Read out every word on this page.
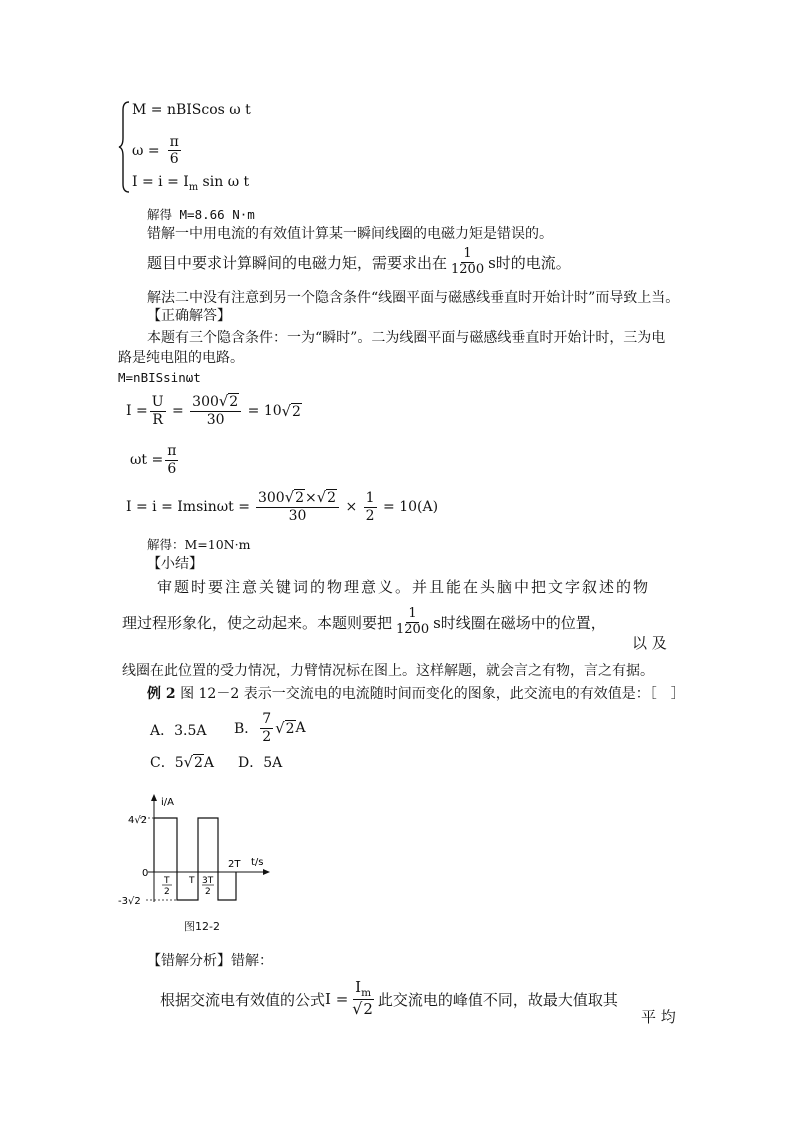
M = nBIScos ω t
$\omega = \frac{\pi}{6}$
$I = i = I_m$ sin ω t
解得 M=8.66 N·m
错解一中用电流的有效值计算某一瞬间线圈的电磁力矩是错误的。
题目中要求计算瞬间的电磁力矩，需要求出在 $\frac{1}{1200}$ s时的电流。
解法二中没有注意到另一个隐含条件“线圈平面与磁感线垂直时开始计时”而导致上当。
【正确解答】
本题有三个隐含条件：一为“瞬时”。二为线圈平面与磁感线垂直时开始计时，三为电
路是纯电阻的电路。
M=nBISsinωt
$I = \frac{U}{R} = \frac{300√2}{30}$
= 10 √2
$\omega t = \frac{\pi}{6}$
$I = i = Imsin\omega t = \frac{300√2\times√2}{30}$
×
$\frac{1}{2}$
= 10(A)
解得：M=10N·m
【小结】
审题时要注意关键词的物理意义。并且能在头脑中把文字叙述的物
理过程形象化，使之动起来。本题则要把 $\frac{1}{1200}$ s时线圈在磁场中的位置，
以 及
线圈在此位置的受力情况，力臂情况标在图上。这样解题，就会言之有物，言之有据。
例 2 图 12－2 表示一交流电的电流随时间而变化的图象，此交流电的有效值是：［　］
A．3.5A B． $\frac{7}{2} √2$ A
C．5√2A D．5A
i/A
t/s
4√2
0
-3√2
T
2
T 3T
2
2T
图12-2
【错解分析】错解：
根据交流电有效值的公式 $I = \frac{I_m}{√2}$ 此交流电的峰值不同，故最大值取其
平 均
